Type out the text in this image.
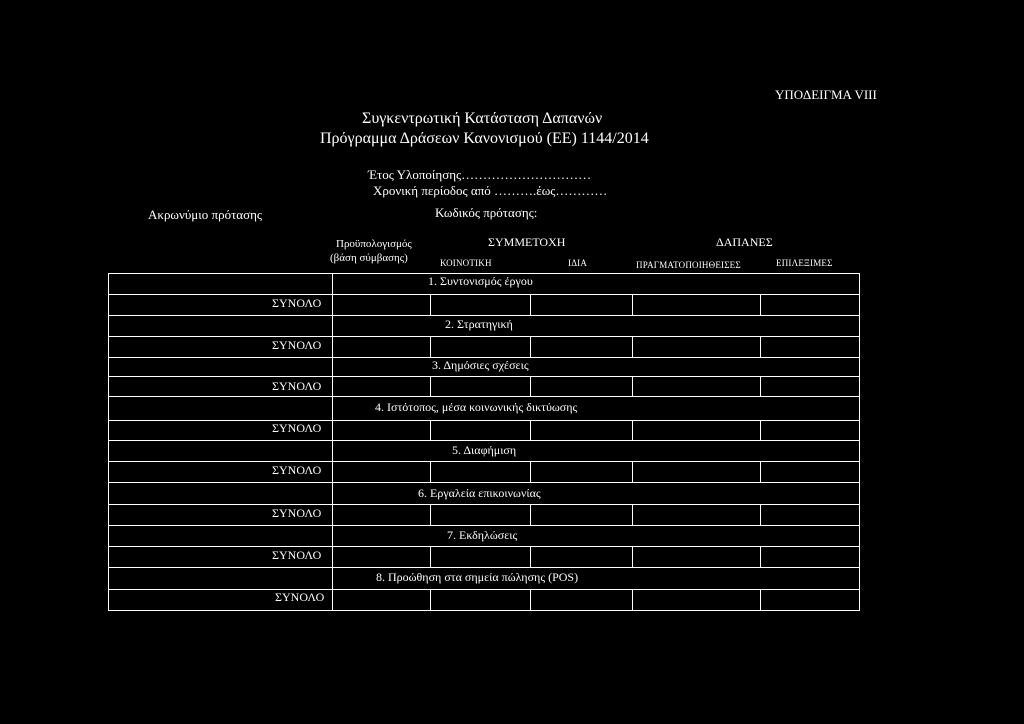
ΥΠΟΔΕΙΓΜΑ VIII
Συγκεντρωτική Κατάσταση Δαπανών
Πρόγραμμα Δράσεων Κανονισμού (ΕΕ) 1144/2014
Έτος Υλοποίησης…………………………
Χρονική περίοδος από ……….έως…………
Κωδικός πρότασης:
Ακρωνύμιο πρότασης
Προϋπολογισμός
(βάση σύμβασης)
ΣΥΜΜΕΤΟΧΗ
ΚΟΙΝΟΤΙΚΗ	ΙΔΙΑ
ΔΑΠΑΝΕΣ
ΠΡΑΓΜΑΤΟΠΟΙΗΘΕΙΣΕΣ	ΕΠΙΛΕΞΙΜΕΣ
1. Συντονισμός έργου
ΣΥΝΟΛΟ
2. Στρατηγική
ΣΥΝΟΛΟ
3. Δημόσιες σχέσεις
ΣΥΝΟΛΟ
4. Ιστότοπος, μέσα κοινωνικής δικτύωσης
ΣΥΝΟΛΟ
5. Διαφήμιση
ΣΥΝΟΛΟ
6. Εργαλεία επικοινωνίας
ΣΥΝΟΛΟ
7. Εκδηλώσεις
ΣΥΝΟΛΟ
8. Προώθηση στα σημεία πώλησης (POS)
ΣΥΝΟΛΟ
